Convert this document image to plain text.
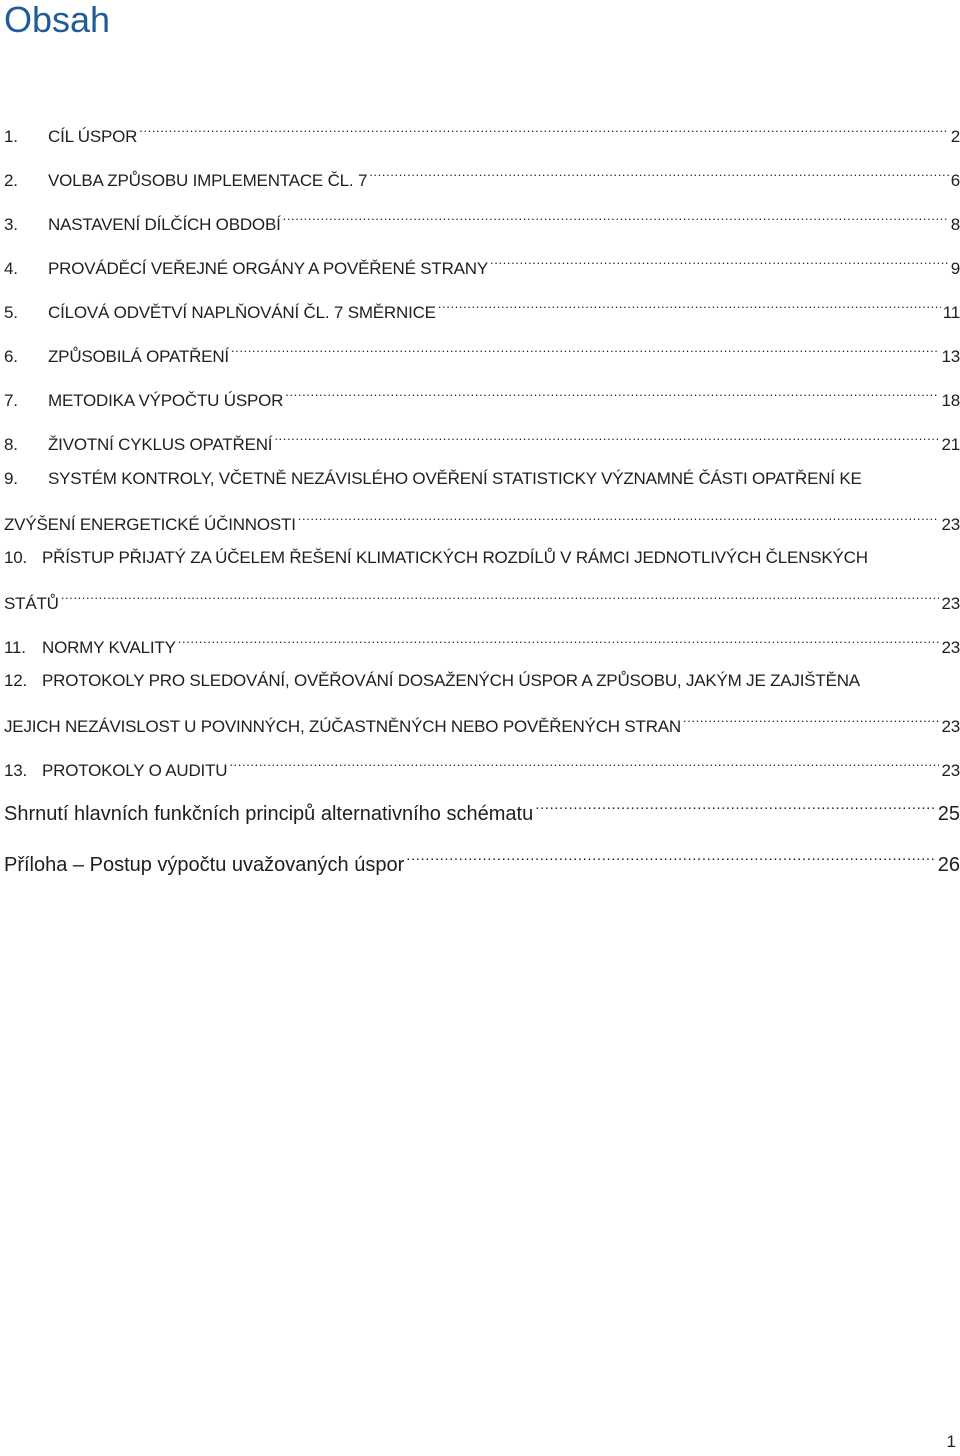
Obsah
1.	CÍL ÚSPOR .....	2
2.	VOLBA ZPŮSOBU IMPLEMENTACE ČL. 7 .....	6
3.	NASTAVENÍ DÍLČÍCH OBDOBÍ .....	8
4.	PROVÁDĚCÍ VEŘEJNÉ ORGÁNY A POVĚŘENÉ STRANY .....	9
5.	CÍLOVÁ ODVĚTVÍ NAPLŇOVÁNÍ ČL. 7 SMĚRNICE .....	11
6.	ZPŮSOBILÁ OPATŘENÍ .....	13
7.	METODIKA VÝPOČTU ÚSPOR .....	18
8.	ŽIVOTNÍ CYKLUS OPATŘENÍ .....	21
9. SYSTÉM KONTROLY, VČETNĚ NEZÁVISLÉHO OVĚŘENÍ STATISTICKY VÝZNAMNÉ ČÁSTI OPATŘENÍ KE
ZVÝŠENÍ ENERGETICKÉ ÚČINNOSTI .....	23
10. PŘÍSTUP PŘIJATÝ ZA ÚČELEM ŘEŠENÍ KLIMATICKÝCH ROZDÍLŮ V RÁMCI JEDNOTLIVÝCH ČLENSKÝCH
STÁTŮ .....	23
11. NORMY KVALITY .....	23
12. PROTOKOLY PRO SLEDOVÁNÍ, OVĚŘOVÁNÍ DOSAŽENÝCH ÚSPOR A ZPŮSOBU, JAKÝM JE ZAJIŠTĚNA
JEJICH NEZÁVISLOST U POVINNÝCH, ZÚČASTNĚNÝCH NEBO POVĚŘENÝCH STRAN .....	23
13. PROTOKOLY O AUDITU .....	23
Shrnutí hlavních funkčních principů alternativního schématu .....	25
Příloha – Postup výpočtu uvažovaných úspor .....	26
1
